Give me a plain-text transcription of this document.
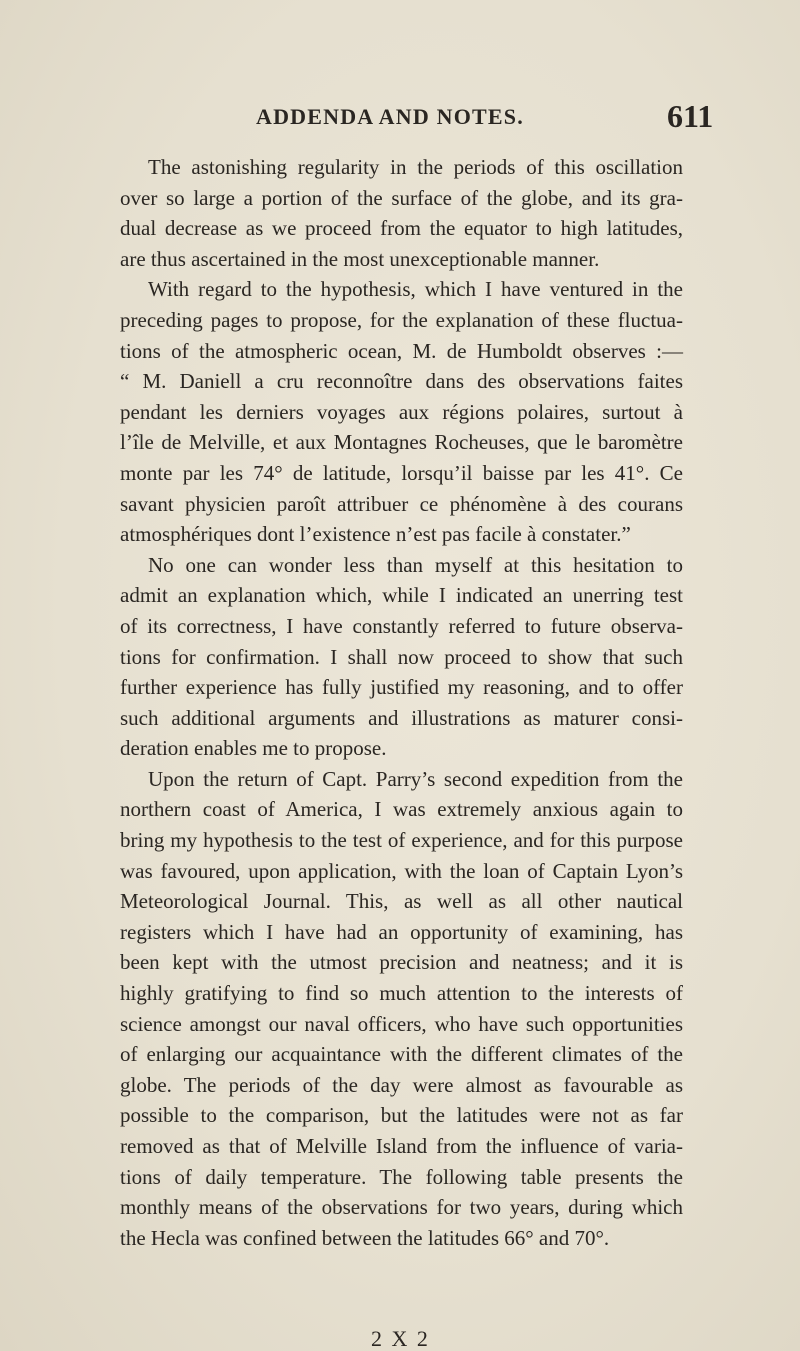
ADDENDA AND NOTES.	611
The astonishing regularity in the periods of this oscillation
over so large a portion of the surface of the globe, and its gra-
dual decrease as we proceed from the equator to high latitudes,
are thus ascertained in the most unexceptionable manner.
With regard to the hypothesis, which I have ventured in the
preceding pages to propose, for the explanation of these fluctua-
tions of the atmospheric ocean, M. de Humboldt observes :—
“ M. Daniell a cru reconnoître dans des observations faites
pendant les derniers voyages aux régions polaires, surtout à
l’île de Melville, et aux Montagnes Rocheuses, que le baromètre
monte par les 74° de latitude, lorsqu’il baisse par les 41°. Ce
savant physicien paroît attribuer ce phénomène à des courans
atmosphériques dont l’existence n’est pas facile à constater.”
No one can wonder less than myself at this hesitation to
admit an explanation which, while I indicated an unerring test
of its correctness, I have constantly referred to future observa-
tions for confirmation. I shall now proceed to show that such
further experience has fully justified my reasoning, and to offer
such additional arguments and illustrations as maturer consi-
deration enables me to propose.
Upon the return of Capt. Parry’s second expedition from the
northern coast of America, I was extremely anxious again to
bring my hypothesis to the test of experience, and for this purpose
was favoured, upon application, with the loan of Captain Lyon’s
Meteorological Journal. This, as well as all other nautical
registers which I have had an opportunity of examining, has
been kept with the utmost precision and neatness; and it is
highly gratifying to find so much attention to the interests of
science amongst our naval officers, who have such opportunities
of enlarging our acquaintance with the different climates of the
globe. The periods of the day were almost as favourable as
possible to the comparison, but the latitudes were not as far
removed as that of Melville Island from the influence of varia-
tions of daily temperature. The following table presents the
monthly means of the observations for two years, during which
the Hecla was confined between the latitudes 66° and 70°.
2 X 2
